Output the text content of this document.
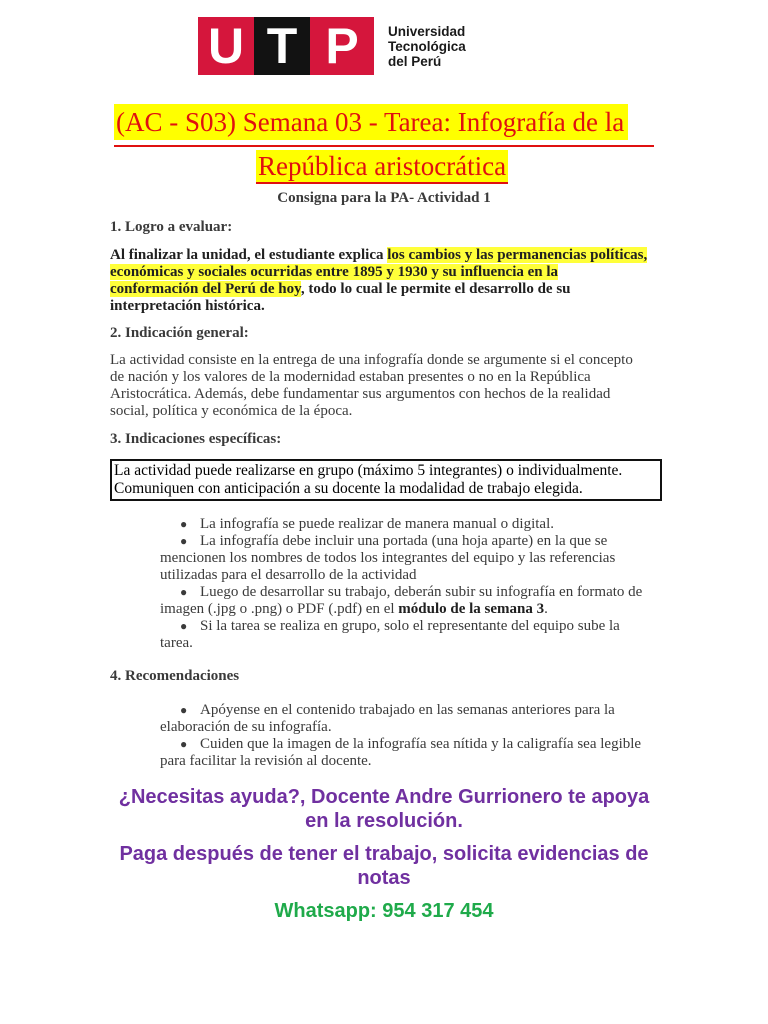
U T P	Universidad
Tecnológica
del Perú
(AC - S03) Semana 03 - Tarea: Infografía de la
República aristocrática
Consigna para la PA- Actividad 1
1. Logro a evaluar:
Al finalizar la unidad, el estudiante explica los cambios y las permanencias políticas, económicas y sociales ocurridas entre 1895 y 1930 y su influencia en la conformación del Perú de hoy, todo lo cual le permite el desarrollo de su interpretación histórica.
2. Indicación general:
La actividad consiste en la entrega de una infografía donde se argumente si el concepto de nación y los valores de la modernidad estaban presentes o no en la República Aristocrática. Además, debe fundamentar sus argumentos con hechos de la realidad social, política y económica de la época.
3. Indicaciones específicas:
La actividad puede realizarse en grupo (máximo 5 integrantes) o individualmente.
Comuniquen con anticipación a su docente la modalidad de trabajo elegida.
● La infografía se puede realizar de manera manual o digital.
● La infografía debe incluir una portada (una hoja aparte) en la que se mencionen los nombres de todos los integrantes del equipo y las referencias utilizadas para el desarrollo de la actividad
● Luego de desarrollar su trabajo, deberán subir su infografía en formato de imagen (.jpg o .png) o PDF (.pdf) en el módulo de la semana 3.
● Si la tarea se realiza en grupo, solo el representante del equipo sube la tarea.
4. Recomendaciones
● Apóyense en el contenido trabajado en las semanas anteriores para la elaboración de su infografía.
● Cuiden que la imagen de la infografía sea nítida y la caligrafía sea legible para facilitar la revisión al docente.
¿Necesitas ayuda?, Docente Andre Gurrionero te apoya
en la resolución.
Paga después de tener el trabajo, solicita evidencias de
notas
Whatsapp: 954 317 454
